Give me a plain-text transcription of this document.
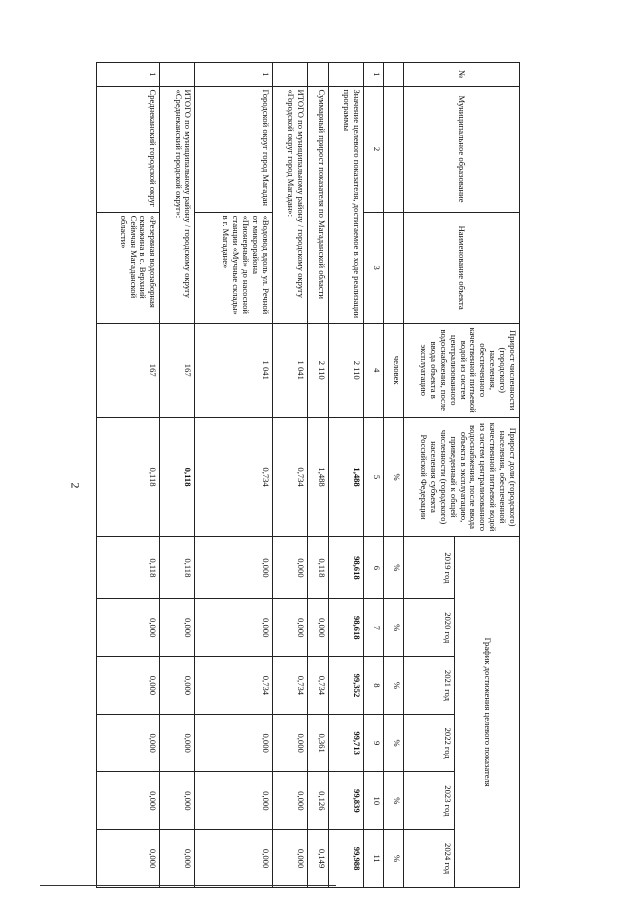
2
№	Муниципальное образование	Наименование объекта	Прирост численности (городского) населения, обеспеченного качественной питьевой водой из систем централизованного водоснабжения, после ввода объекта в эксплуатацию	Прирост доли (городского) населения, обеспеченной качественной питьевой водой из систем централизованного водоснабжения, после ввода объекта в эксплуатацию, приведенный к общей численности (городского) населения субъекта Российской Федерации	График достижения целевого показателя					
					2019 год	2020 год	2021 год	2022 год	2023 год	2024 год
			человек	%	%	%	%	%	%	%
1	2	3	4	5	6	7	8	9	10	11
	Значение целевого показателя, достигаемое в ходе реализации программы		2 110	1,488	98,618	98,618	99,352	99,713	99,839	99,988
	Суммарный прирост показателя по Магаданской области		2 110	1,488	0,118	0,000	0,734	0,361	0,126	0,149
	ИТОГО по муниципальному району / городскому округу «Городской округ город Магадан»:		1 041	0,734	0,000	0,000	0,734	0,000	0,000	0,000
1	Городской округ город Магадан	«Водовод вдоль ул. Речной от микрорайона «Пионерный» до насосной станции «Мучные склады» в г. Магадане»	1 041	0,734	0,000	0,000	0,734	0,000	0,000	0,000
	ИТОГО по муниципальному району / городскому округу «Среднеканский городской округ»:		167	0,118	0,118	0,000	0,000	0,000	0,000	0,000
1	Среднеканский городской округ	«Резервная водозаборная скважина в с. Верхний Сеймчан Магаданской области»	167	0,118	0,118	0,000	0,000	0,000	0,000	0,000
